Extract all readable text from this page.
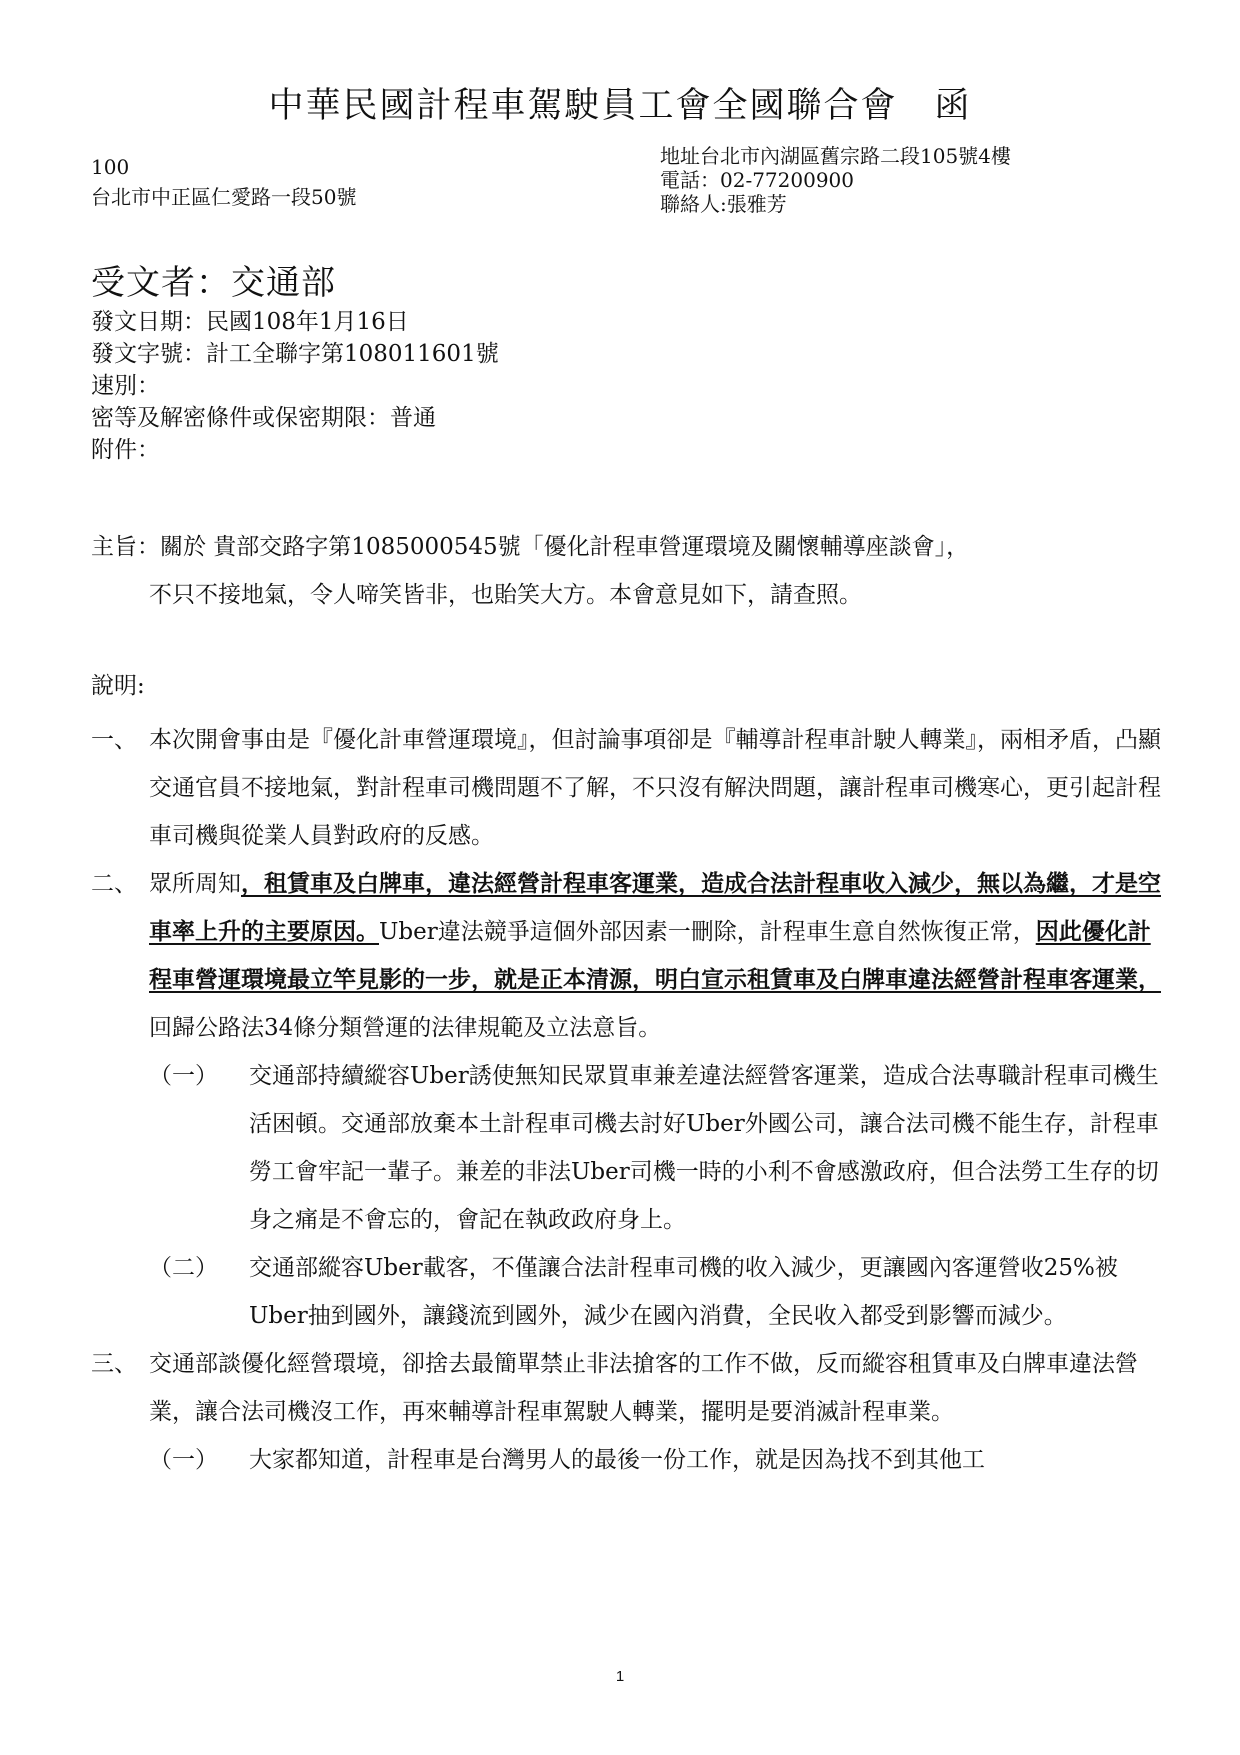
中華民國計程車駕駛員工會全國聯合會　函
100
台北市中正區仁愛路一段50號
地址台北市內湖區舊宗路二段105號4樓
電話：02-77200900
聯絡人:張雅芳
受文者：交通部
發文日期：民國108年1月16日
發文字號：計工全聯字第108011601號
速別：
密等及解密條件或保密期限：普通
附件：
主旨：關於 貴部交路字第1085000545號「優化計程車營運環境及關懷輔導座談會」，
不只不接地氣，令人啼笑皆非，也貽笑大方。本會意見如下，請查照。
說明:
一、 本次開會事由是『優化計車營運環境』，但討論事項卻是『輔導計程車計駛人轉業』，兩相矛盾，凸顯交通官員不接地氣，對計程車司機問題不了解，不只沒有解決問題，讓計程車司機寒心，更引起計程車司機與從業人員對政府的反感。
二、 眾所周知，租賃車及白牌車，違法經營計程車客運業，造成合法計程車收入減少，無以為繼，才是空車率上升的主要原因。Uber違法競爭這個外部因素一刪除，計程車生意自然恢復正常，因此優化計程車營運環境最立竿見影的一步，就是正本清源，明白宣示租賃車及白牌車違法經營計程車客運業，回歸公路法34條分類營運的法律規範及立法意旨。
（一）	交通部持續縱容Uber誘使無知民眾買車兼差違法經營客運業，造成合法專職計程車司機生活困頓。交通部放棄本土計程車司機去討好Uber外國公司，讓合法司機不能生存，計程車勞工會牢記一輩子。兼差的非法Uber司機一時的小利不會感激政府，但合法勞工生存的切身之痛是不會忘的，會記在執政政府身上。
（二）	交通部縱容Uber載客，不僅讓合法計程車司機的收入減少，更讓國內客運營收25%被Uber抽到國外，讓錢流到國外，減少在國內消費，全民收入都受到影響而減少。
三、 交通部談優化經營環境，卻捨去最簡單禁止非法搶客的工作不做，反而縱容租賃車及白牌車違法營業，讓合法司機沒工作，再來輔導計程車駕駛人轉業，擺明是要消滅計程車業。
（一）	大家都知道，計程車是台灣男人的最後一份工作，就是因為找不到其他工
1
